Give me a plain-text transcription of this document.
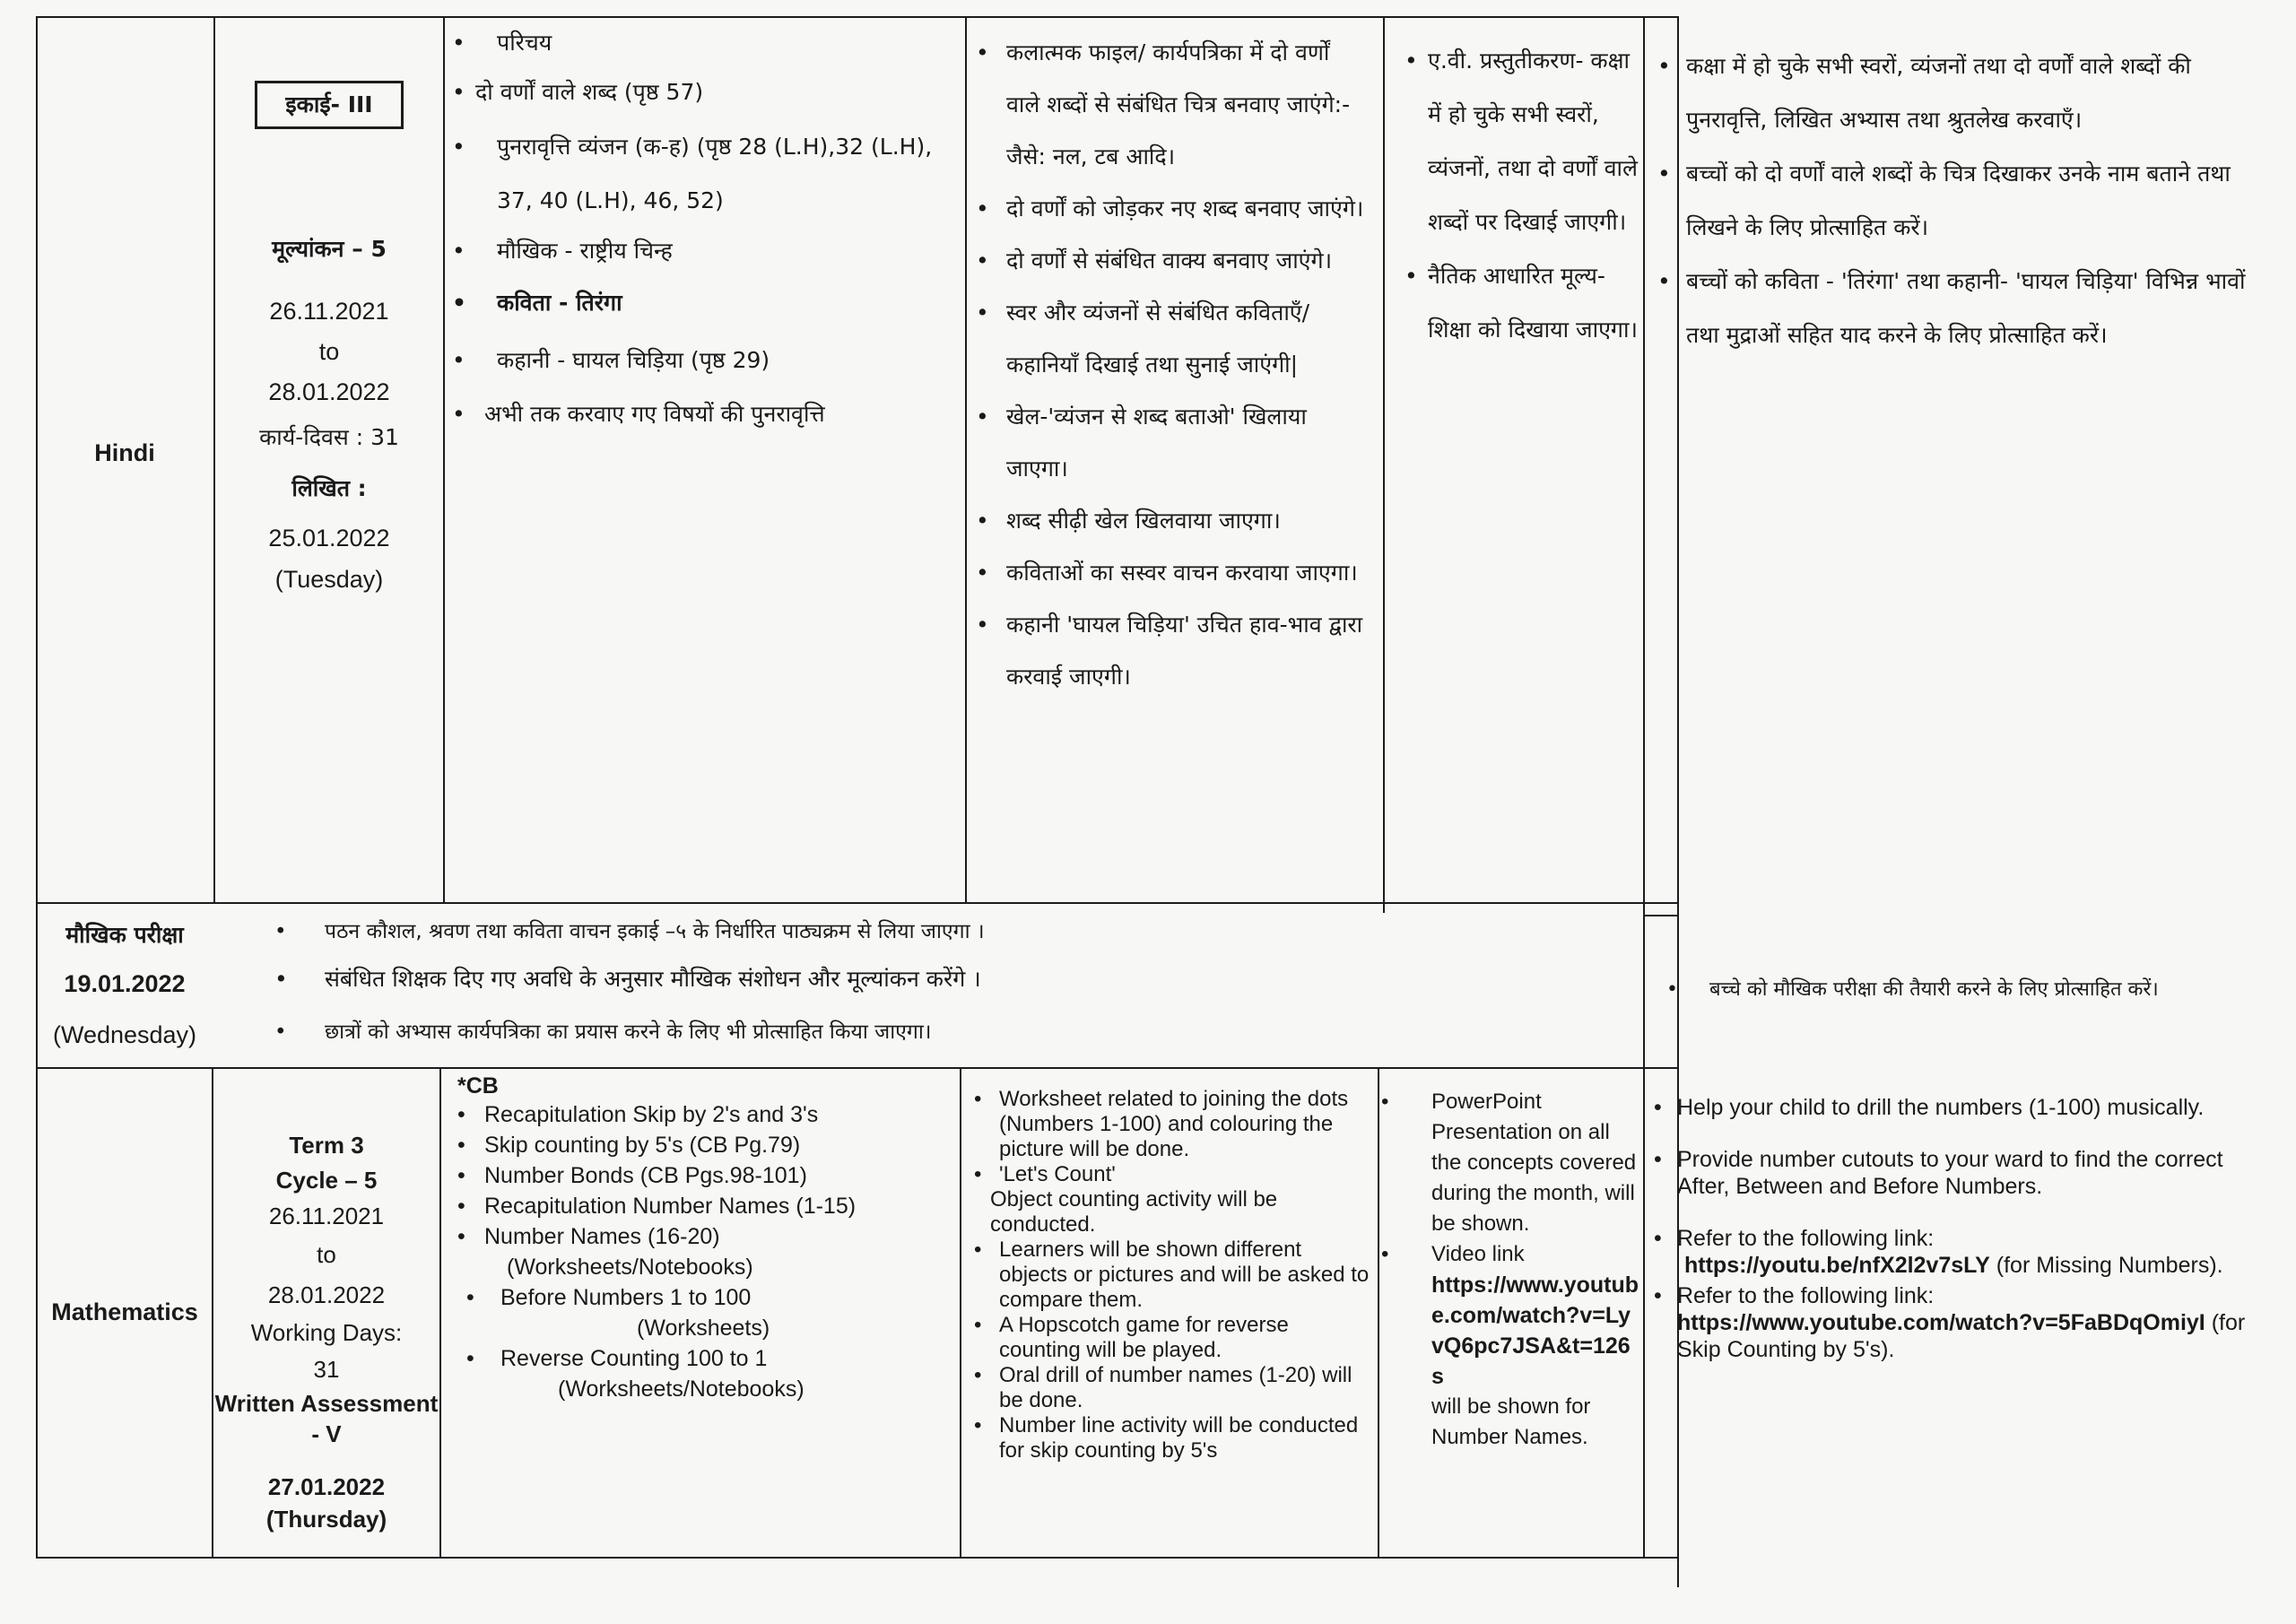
Hindi
इकाई- III
मूल्यांकन – 5
26.11.2021
to
28.01.2022
कार्य-दिवस : 31
लिखित :
25.01.2022
(Tuesday)
• परिचय
• दो वर्णों वाले शब्द (पृष्ठ 57)
• पुनरावृत्ति व्यंजन (क-ह) (पृष्ठ 28 (L.H),32 (L.H), 37, 40 (L.H), 46, 52)
• मौखिक - राष्ट्रीय चिन्ह
• कविता - तिरंगा
• कहानी - घायल चिड़िया (पृष्ठ 29)
• अभी तक करवाए गए विषयों की पुनरावृत्ति
• कलात्मक फाइल/ कार्यपत्रिका में दो वर्णों वाले शब्दों से संबंधित चित्र बनवाए जाएंगे:- जैसे: नल, टब आदि।
• दो वर्णों को जोड़कर नए शब्द बनवाए जाएंगे।
• दो वर्णों से संबंधित वाक्य बनवाए जाएंगे।
• स्वर और व्यंजनों से संबंधित कविताएँ/ कहानियाँ दिखाई तथा सुनाई जाएंगी|
• खेल-'व्यंजन से शब्द बताओ' खिलाया जाएगा।
• शब्द सीढ़ी खेल खिलवाया जाएगा।
• कविताओं का सस्वर वाचन करवाया जाएगा।
• कहानी 'घायल चिड़िया' उचित हाव-भाव द्वारा करवाई जाएगी।
• ए.वी. प्रस्तुतीकरण- कक्षा में हो चुके सभी स्वरों, व्यंजनों, तथा दो वर्णों वाले शब्दों पर दिखाई जाएगी।
• नैतिक आधारित मूल्य-शिक्षा को दिखाया जाएगा।
• कक्षा में हो चुके सभी स्वरों, व्यंजनों तथा दो वर्णों वाले शब्दों की पुनरावृत्ति, लिखित अभ्यास तथा श्रुतलेख करवाएँ।
• बच्चों को दो वर्णों वाले शब्दों के चित्र दिखाकर उनके नाम बताने तथा लिखने के लिए प्रोत्साहित करें।
• बच्चों को कविता - 'तिरंगा' तथा कहानी- 'घायल चिड़िया' विभिन्न भावों तथा मुद्राओं सहित याद करने के लिए प्रोत्साहित करें।
मौखिक परीक्षा
19.01.2022
(Wednesday)
• पठन कौशल, श्रवण तथा कविता वाचन इकाई –५ के निर्धारित पाठ्यक्रम से लिया जाएगा ।
• संबंधित शिक्षक दिए गए अवधि के अनुसार मौखिक संशोधन और मूल्यांकन करेंगे ।
• छात्रों को अभ्यास कार्यपत्रिका का प्रयास करने के लिए भी प्रोत्साहित किया जाएगा।
• बच्चे को मौखिक परीक्षा की तैयारी करने के लिए प्रोत्साहित करें।
Mathematics
Term 3
Cycle – 5
26.11.2021
to
28.01.2022
Working Days:
31
Written Assessment - V
27.01.2022
(Thursday)
*CB
• Recapitulation Skip by 2's and 3's
• Skip counting by 5's (CB Pg.79)
• Number Bonds (CB Pgs.98-101)
• Recapitulation Number Names (1-15)
• Number Names (16-20)
(Worksheets/Notebooks)
• Before Numbers 1 to 100
(Worksheets)
• Reverse Counting 100 to 1
(Worksheets/Notebooks)
• Worksheet related to joining the dots (Numbers 1-100) and colouring the picture will be done.
• 'Let's Count'
Object counting activity will be conducted.
• Learners will be shown different objects or pictures and will be asked to compare them.
• A Hopscotch game for reverse counting will be played.
• Oral drill of number names (1-20) will be done.
• Number line activity will be conducted for skip counting by 5's
• PowerPoint Presentation on all the concepts covered during the month, will be shown.
• Video link
https://www.youtube.com/watch?v=LyvQ6pc7JSA&t=126s
will be shown for Number Names.
• Help your child to drill the numbers (1-100) musically.
• Provide number cutouts to your ward to find the correct After, Between and Before Numbers.
• Refer to the following link:
https://youtu.be/nfX2l2v7sLY (for Missing Numbers).
• Refer to the following link:
https://www.youtube.com/watch?v=5FaBDqOmiyI (for Skip Counting by 5's).
